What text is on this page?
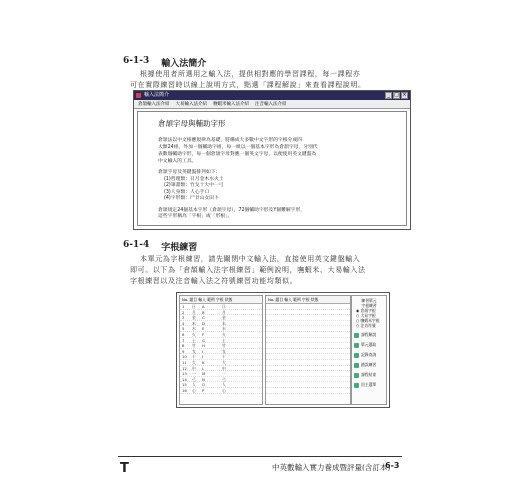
6-1-3 輸入法簡介
根據使用者所選用之輸入法，提供相對應的學習課程，每一課程亦
可在實際練習時以線上說明方式，點選「課程解說」來查看課程說明。
輸入法簡介	_ □ ×
倉頡輸入法介紹 大易輸入法介紹 嘸蝦米輸入法介紹 注音輸入法介紹
倉頡字母與輔助字形

倉頡法以中文相應規律為基礎，將構成大多數中文字形的字根分成四
大類24組，外加一個輔助字組，每一組以一個基本字形為倉頡字母，分別代
表數個輔助字形，每一個倉頡字母對應一個英文字母，以便使用英文鍵盤為
中文輸入的工具。

倉頡字母及英鍵盤排列如下：
(1)哲理類：日月金木水火土
(2)筆畫類：竹戈十大中一弓
(3)人身類：人心手口
(4)字形類：尸廿山女田卜
倉頡規定24個基本字形（倉頡字母），72個輔助字形及Y個難解字形，
這些字形稱為「字根」或「形根」。
6-1-4 字根練習
本單元為字根練習，請先關閉中文輸入法，直接使用英文鍵盤輸入
即可。以下為「倉頡輸入法字根練習」範例說明，嘸蝦米、大易輸入法
字根練習以及注音輸入法之符號練習功能均類似。
No. 題目 輸入 範例 字根 狀態
1	日	A	日
2	月	B	月
3	金	C	金
4	木	D	木
5	水	E	水
6	火	F	火
7	土	G	土
8	竹	H	竹
9	戈	I	戈
10 十	J	十
11 大	K	大
12 中	L	中
13 一	M	一
14 弓	N	弓
15 人	O	人
16 心	P	心
No. 題目 輸入 範例 字根 狀態	練習單元
字根練習
◉ 倉頡字根
○ 大易字根
○ 嘸蝦米字根
○ 注音符號
課程解說
單元選取
記錄查詢
錯誤練習
課程結束
回主選單
T	中英數輸入實力養成暨評量(含訂本)
6-3
